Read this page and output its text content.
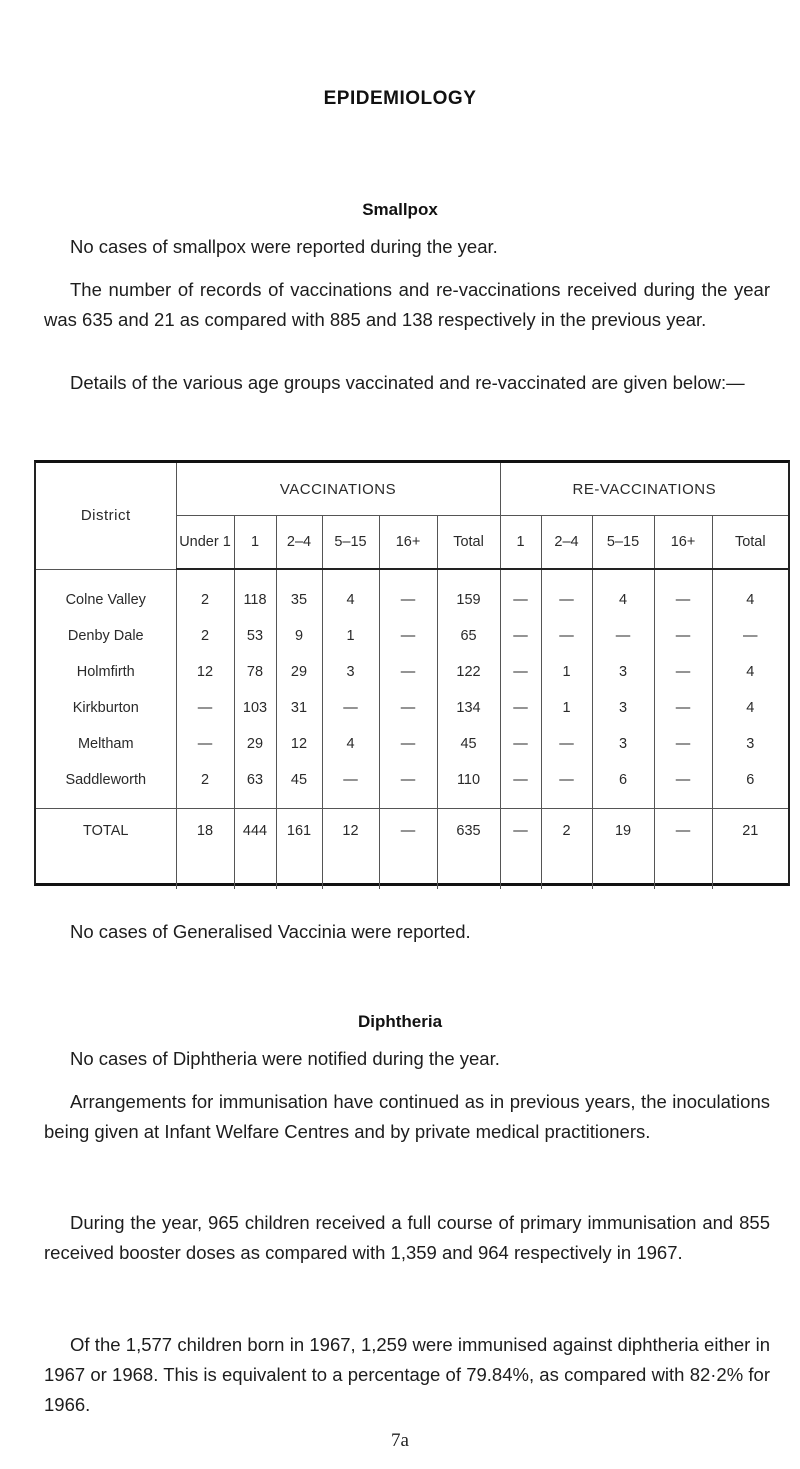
EPIDEMIOLOGY
Smallpox

No cases of smallpox were reported during the year.

The number of records of vaccinations and re-vaccinations received during the year was 635 and 21 as compared with 885 and 138 respectively in the previous year.

Details of the various age groups vaccinated and re-vaccinated are given below:—

District	VACCINATIONS						RE-VACCINATIONS				
	Under 1	1	2–4	5–15	16+	Total	1	2–4	5–15	16+	Total
Colne Valley	2	118	35	4	—	159	—	—	4	—	4
Denby Dale	2	53	9	1	—	65	—	—	—	—	—
Holmfirth	12	78	29	3	—	122	—	1	3	—	4
Kirkburton	—	103	31	—	—	134	—	1	3	—	4
Meltham	—	29	12	4	—	45	—	—	3	—	3
Saddleworth	2	63	45	—	—	110	—	—	6	—	6
TOTAL	18	444	161	12	—	635	—	2	19	—	21

No cases of Generalised Vaccinia were reported.

Diphtheria

No cases of Diphtheria were notified during the year.

Arrangements for immunisation have continued as in previous years, the inoculations being given at Infant Welfare Centres and by private medical practitioners.

During the year, 965 children received a full course of primary immunisation and 855 received booster doses as compared with 1,359 and 964 respectively in 1967.

Of the 1,577 children born in 1967, 1,259 were immunised against diphtheria either in 1967 or 1968. This is equivalent to a percentage of 79.84%, as compared with 82·2% for 1966.

7a
